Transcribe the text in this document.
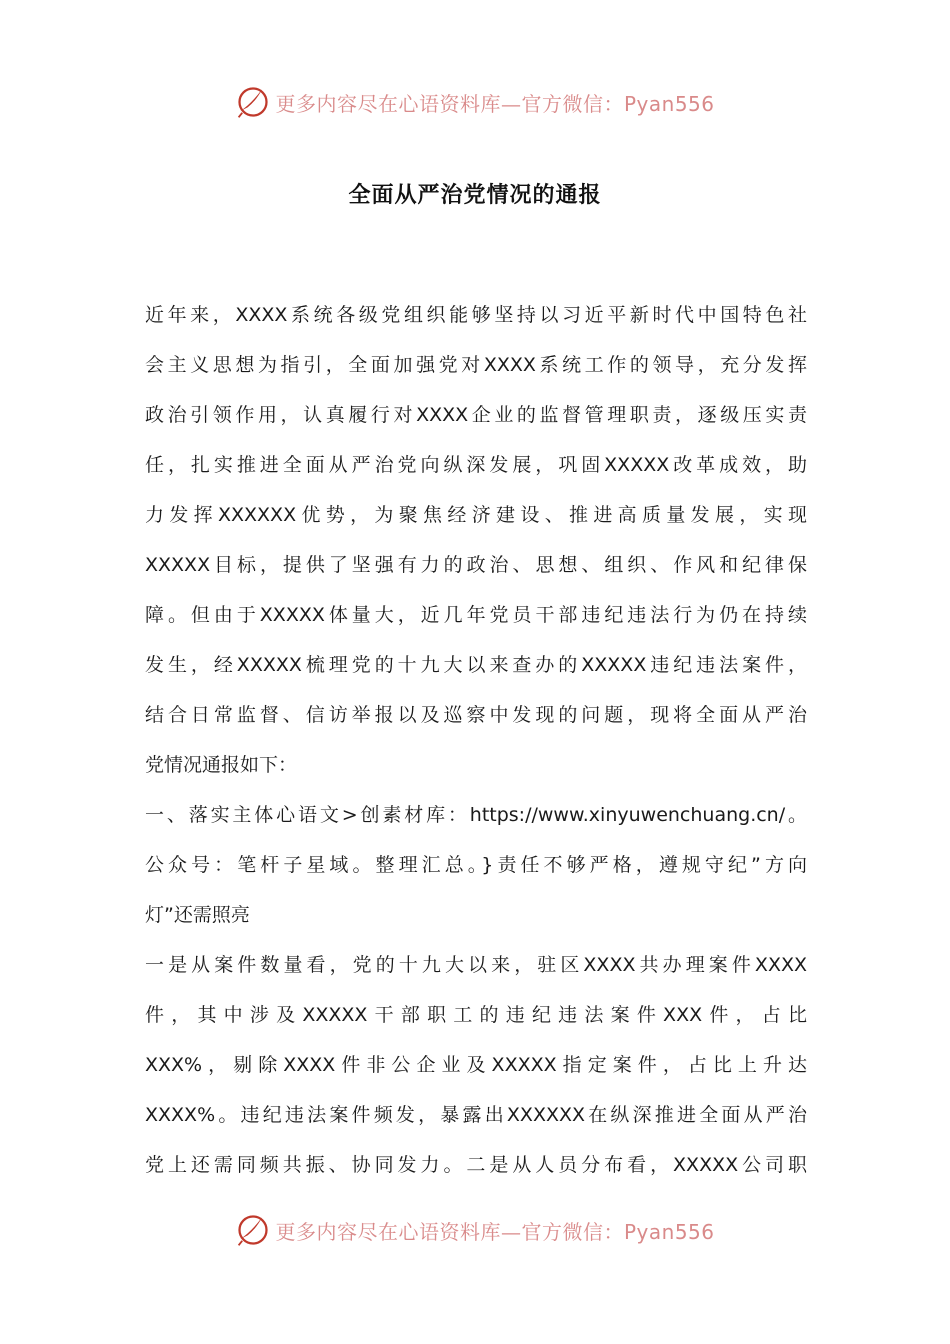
更多内容尽在心语资料库—官方微信：Pyan556
全面从严治党情况的通报
近年来，XXXX系统各级党组织能够坚持以习近平新时代中国特色社
会主义思想为指引，全面加强党对XXXX系统工作的领导，充分发挥
政治引领作用，认真履行对XXXX企业的监督管理职责，逐级压实责
任，扎实推进全面从严治党向纵深发展，巩固XXXXX改革成效，助
力发挥XXXXXX优势，为聚焦经济建设、推进高质量发展，实现
XXXXX目标，提供了坚强有力的政治、思想、组织、作风和纪律保
障。但由于XXXXX体量大，近几年党员干部违纪违法行为仍在持续
发生，经XXXXX梳理党的十九大以来查办的XXXXX违纪违法案件，
结合日常监督、信访举报以及巡察中发现的问题，现将全面从严治
党情况通报如下：
一、落实主体心语文>创素材库：https://www.xinyuwenchuang.cn/。
公众号：笔杆子星域。整理汇总。}责任不够严格，遵规守纪”方向
灯”还需照亮
一是从案件数量看，党的十九大以来，驻区XXXX共办理案件XXXX
件，其中涉及XXXXX干部职工的违纪违法案件XXX件，占比
XXX%，剔除XXXX件非公企业及XXXXX指定案件，占比上升达
XXXX%。违纪违法案件频发，暴露出XXXXXX在纵深推进全面从严治
党上还需同频共振、协同发力。二是从人员分布看，XXXXX公司职
更多内容尽在心语资料库—官方微信：Pyan556
